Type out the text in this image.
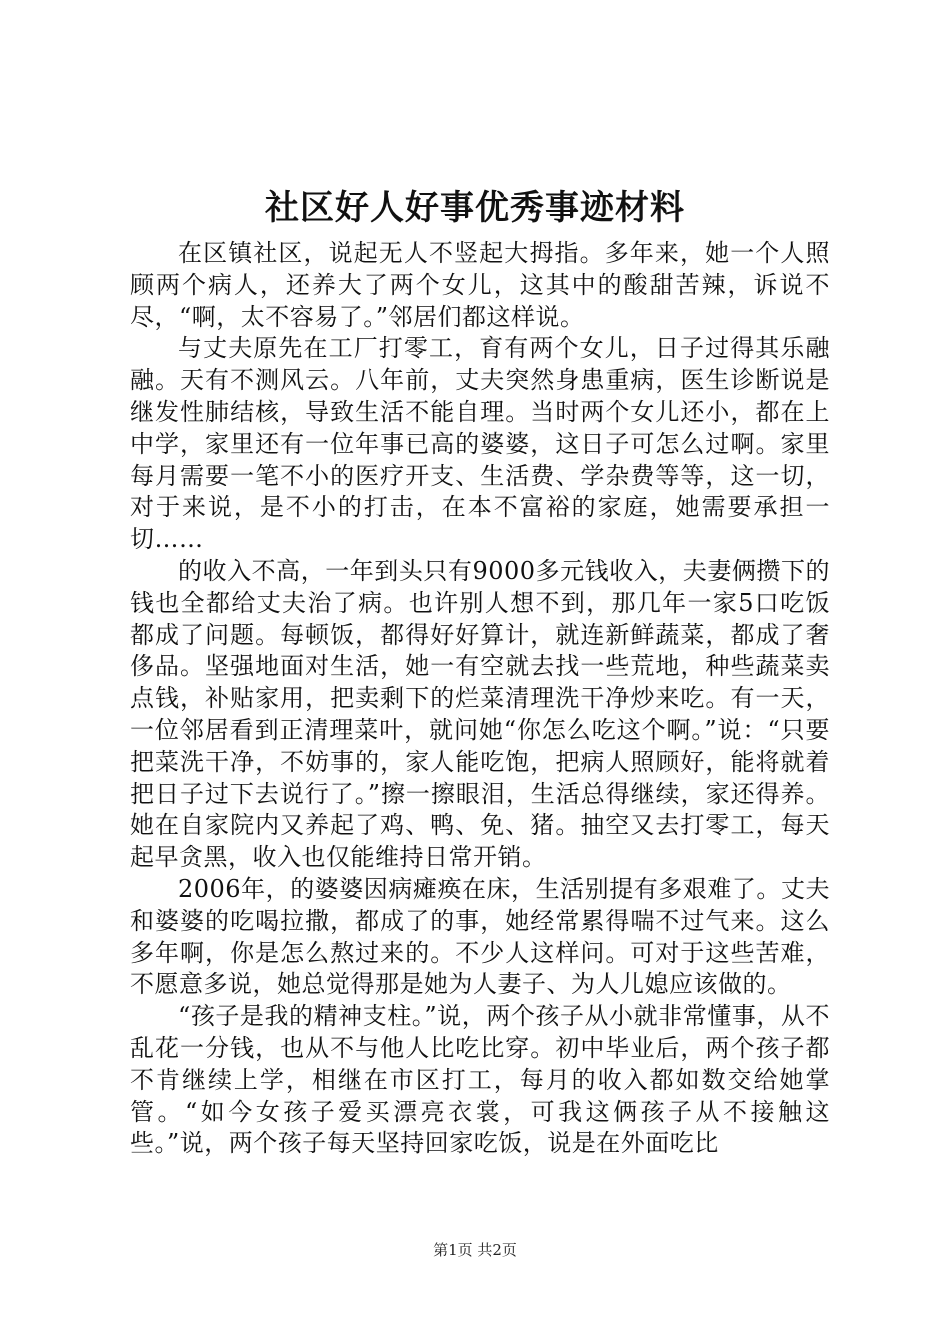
社区好人好事优秀事迹材料

在区镇社区，说起无人不竖起大拇指。多年来，她一个人照顾两个病人，还养大了两个女儿，这其中的酸甜苦辣，诉说不尽，“啊，太不容易了。”邻居们都这样说。

与丈夫原先在工厂打零工，育有两个女儿，日子过得其乐融融。天有不测风云。八年前，丈夫突然身患重病，医生诊断说是继发性肺结核，导致生活不能自理。当时两个女儿还小，都在上中学，家里还有一位年事已高的婆婆，这日子可怎么过啊。家里每月需要一笔不小的医疗开支、生活费、学杂费等等，这一切，对于来说，是不小的打击，在本不富裕的家庭，她需要承担一切……

的收入不高，一年到头只有9000多元钱收入，夫妻俩攒下的钱也全都给丈夫治了病。也许别人想不到，那几年一家5口吃饭都成了问题。每顿饭，都得好好算计，就连新鲜蔬菜，都成了奢侈品。坚强地面对生活，她一有空就去找一些荒地，种些蔬菜卖点钱，补贴家用，把卖剩下的烂菜清理洗干净炒来吃。有一天，一位邻居看到正清理菜叶，就问她“你怎么吃这个啊。”说：“只要把菜洗干净，不妨事的，家人能吃饱，把病人照顾好，能将就着把日子过下去说行了。”擦一擦眼泪，生活总得继续，家还得养。她在自家院内又养起了鸡、鸭、免、猪。抽空又去打零工，每天起早贪黑，收入也仅能维持日常开销。

2006年，的婆婆因病瘫痪在床，生活别提有多艰难了。丈夫和婆婆的吃喝拉撒，都成了的事，她经常累得喘不过气来。这么多年啊，你是怎么熬过来的。不少人这样问。可对于这些苦难，不愿意多说，她总觉得那是她为人妻子、为人儿媳应该做的。

“孩子是我的精神支柱。”说，两个孩子从小就非常懂事，从不乱花一分钱，也从不与他人比吃比穿。初中毕业后，两个孩子都不肯继续上学，相继在市区打工，每月的收入都如数交给她掌管。“如今女孩子爱买漂亮衣裳，可我这俩孩子从不接触这些。”说，两个孩子每天坚持回家吃饭，说是在外面吃比

第1页 共2页
